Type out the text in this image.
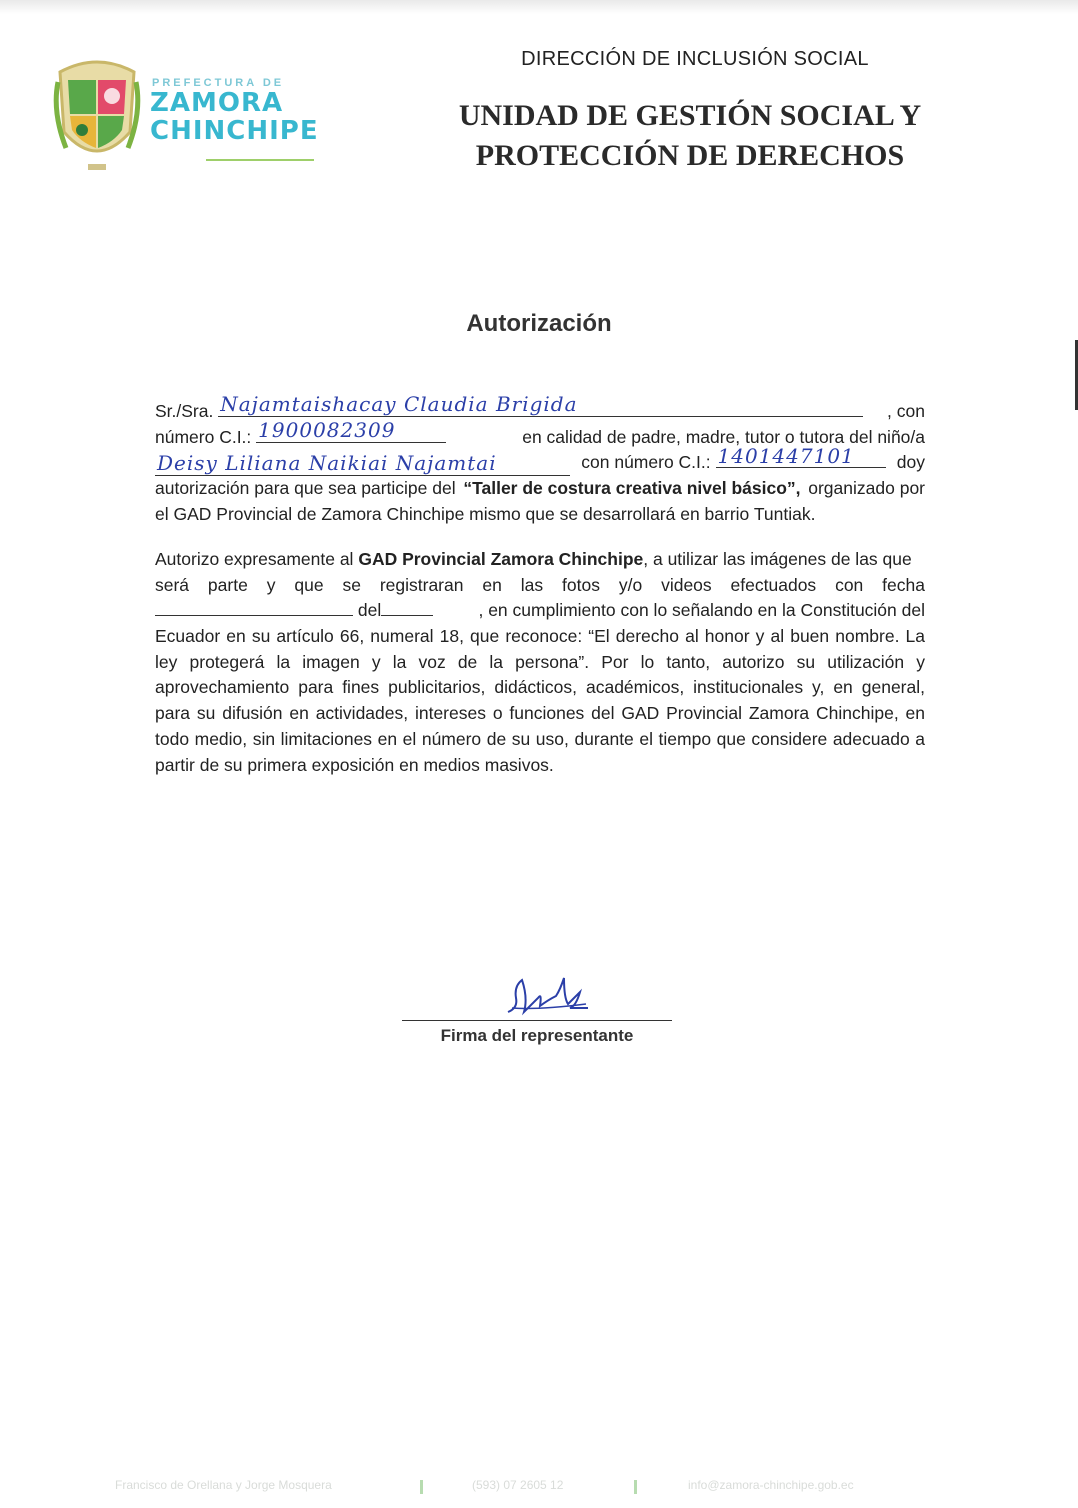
PREFECTURA DE
ZAMORA
CHINCHIPE
DIRECCIÓN DE INCLUSIÓN SOCIAL
UNIDAD DE GESTIÓN SOCIAL Y
PROTECCIÓN DE DERECHOS
Autorización
Sr./Sra. Najamtaishacay Claudia Brigida	, con
número C.I.: 1900082309	en calidad de padre, madre, tutor o tutora del niño/a
Deisy Liliana Naikiai Najamtai	con número C.I.: 1401447101 doy
autorización para que sea participe del “Taller de costura creativa nivel básico”, organizado por
el GAD Provincial de Zamora Chinchipe mismo que se desarrollará en barrio Tuntiak.
Autorizo expresamente al GAD Provincial Zamora Chinchipe, a utilizar las imágenes de las que
será parte y que se registraran en las fotos y/o videos efectuados con fecha
del	, en cumplimiento con lo señalando en la Constitución del
Ecuador en su artículo 66, numeral 18, que reconoce: “El derecho al honor y al buen nombre. La ley protegerá la imagen y la voz de la persona”. Por lo tanto, autorizo su utilización y aprovechamiento para fines publicitarios, didácticos, académicos, institucionales y, en general, para su difusión en actividades, intereses o funciones del GAD Provincial Zamora Chinchipe, en todo medio, sin limitaciones en el número de su uso, durante el tiempo que considere adecuado a partir de su primera exposición en medios masivos.
Firma del representante
Francisco de Orellana y Jorge Mosquera	(593) 07 2605 12	info@zamora-chinchipe.gob.ec
